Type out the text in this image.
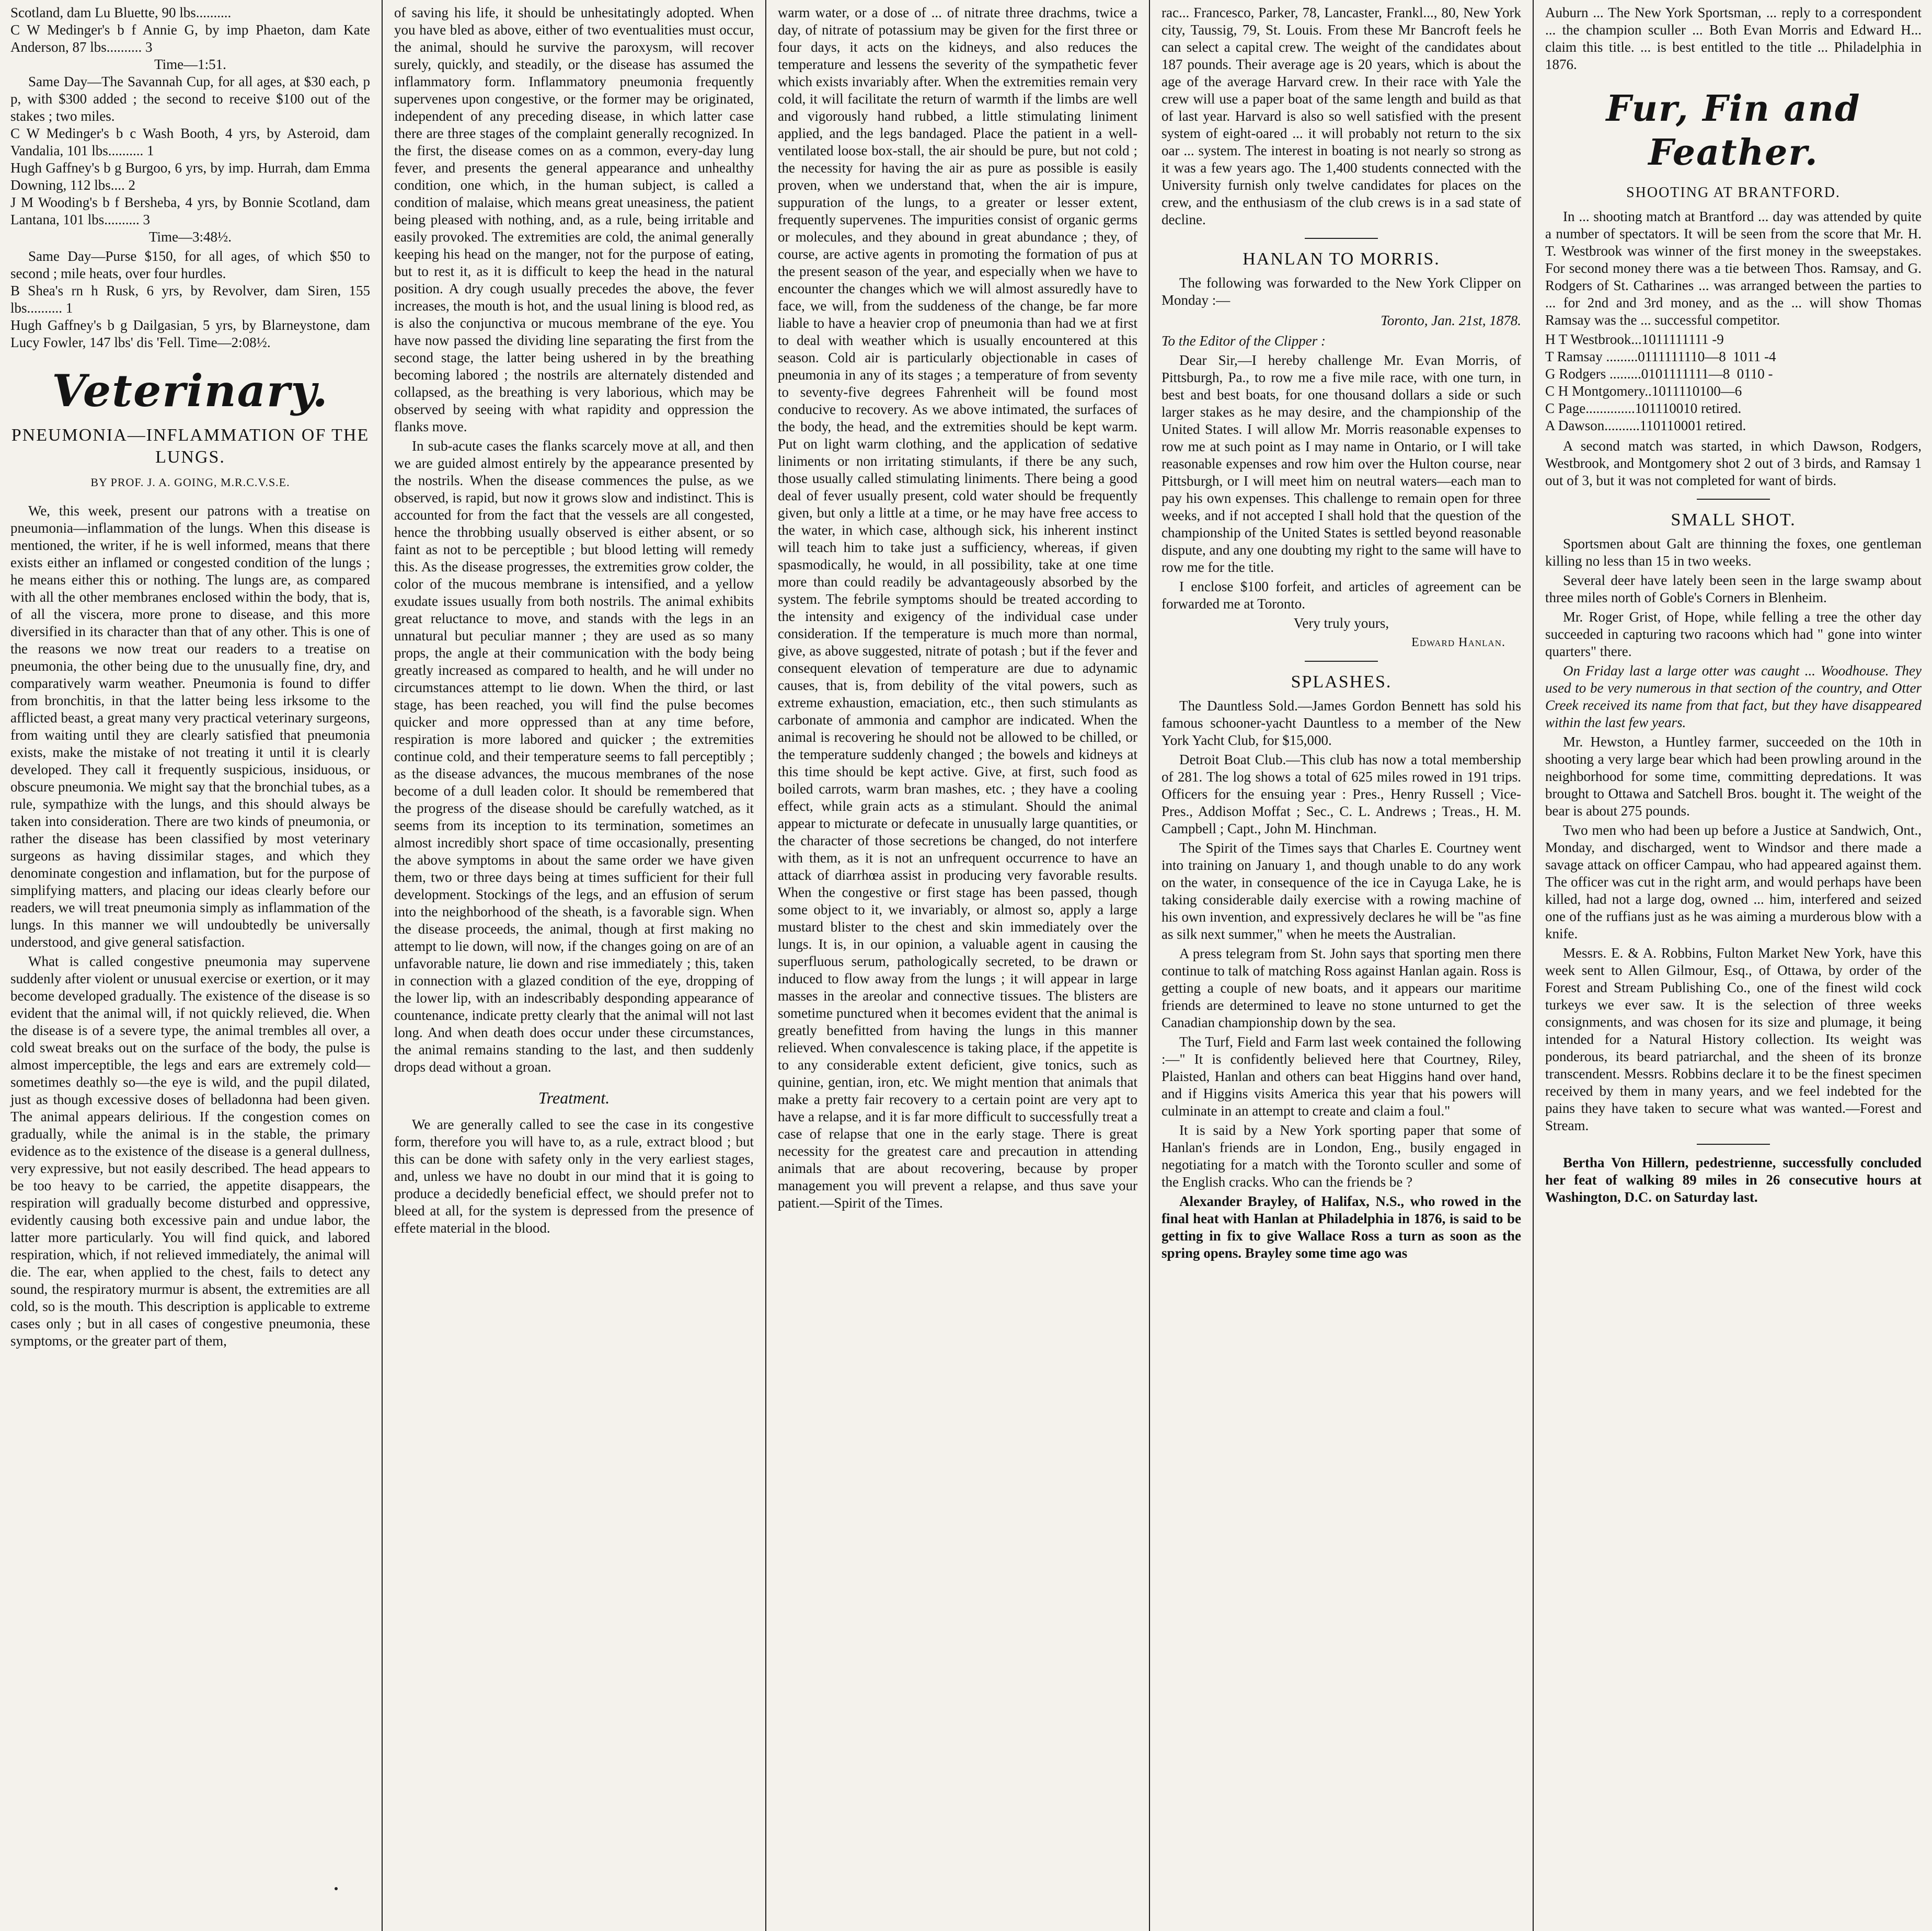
Scotland, dam Lu Bluette, 90 lbs..........

C W Medinger's b f Annie G, by imp Phaeton, dam Kate Anderson, 87 lbs.......... 3

Time—1:51.

Same Day—The Savannah Cup, for all ages, at $30 each, p p, with $300 added ; the second to receive $100 out of the stakes ; two miles.

C W Medinger's b c Wash Booth, 4 yrs, by Asteroid, dam Vandalia, 101 lbs.......... 1

Hugh Gaffney's b g Burgoo, 6 yrs, by imp. Hurrah, dam Emma Downing, 112 lbs.... 2

J M Wooding's b f Bersheba, 4 yrs, by Bonnie Scotland, dam Lantana, 101 lbs.......... 3

Time—3:48½.

Same Day—Purse $150, for all ages, of which $50 to second ; mile heats, over four hurdles.

B Shea's rn h Rusk, 6 yrs, by Revolver, dam Siren, 155 lbs.......... 1

Hugh Gaffney's b g Dailgasian, 5 yrs, by Blarneystone, dam Lucy Fowler, 147 lbs' dis 'Fell. Time—2:08½.

Veterinary.
PNEUMONIA—INFLAMMATION OF THE LUNGS.
BY PROF. J. A. GOING, M.R.C.V.S.E.

We, this week, present our patrons with a treatise on pneumonia—inflammation of the lungs. When this disease is mentioned, the writer, if he is well informed, means that there exists either an inflamed or congested condition of the lungs ; he means either this or nothing. The lungs are, as compared with all the other membranes enclosed within the body, that is, of all the viscera, more prone to disease, and this more diversified in its character than that of any other. This is one of the reasons we now treat our readers to a treatise on pneumonia, the other being due to the unusually fine, dry, and comparatively warm weather. Pneumonia is found to differ from bronchitis, in that the latter being less irksome to the afflicted beast, a great many very practical veterinary surgeons, from waiting until they are clearly satisfied that pneumonia exists, make the mistake of not treating it until it is clearly developed. They call it frequently suspicious, insiduous, or obscure pneumonia. We might say that the bronchial tubes, as a rule, sympathize with the lungs, and this should always be taken into consideration. There are two kinds of pneumonia, or rather the disease has been classified by most veterinary surgeons as having dissimilar stages, and which they denominate congestion and inflamation, but for the purpose of simplifying matters, and placing our ideas clearly before our readers, we will treat pneumonia simply as inflammation of the lungs. In this manner we will undoubtedly be universally understood, and give general satisfaction.

What is called congestive pneumonia may supervene suddenly after violent or unusual exercise or exertion, or it may become developed gradually. The existence of the disease is so evident that the animal will, if not quickly relieved, die. When the disease is of a severe type, the animal trembles all over, a cold sweat breaks out on the surface of the body, the pulse is almost imperceptible, the legs and ears are extremely cold—sometimes deathly so—the eye is wild, and the pupil dilated, just as though excessive doses of belladonna had been given. The animal appears delirious. If the congestion comes on gradually, while the animal is in the stable, the primary evidence as to the existence of the disease is a general dullness, very expressive, but not easily described. The head appears to be too heavy to be carried, the appetite disappears, the respiration will gradually become disturbed and oppressive, evidently causing both excessive pain and undue labor, the latter more particularly. You will find quick, and labored respiration, which, if not relieved immediately, the animal will die. The ear, when applied to the chest, fails to detect any sound, the respiratory murmur is absent, the extremities are all cold, so is the mouth. This description is applicable to extreme cases only ; but in all cases of congestive pneumonia, these symptoms, or the greater part of them,

of saving his life, it should be unhesitatingly adopted. When you have bled as above, either of two eventualities must occur, the animal, should he survive the paroxysm, will recover surely, quickly, and steadily, or the disease has assumed the inflammatory form. Inflammatory pneumonia frequently supervenes upon congestive, or the former may be originated, independent of any preceding disease, in which latter case there are three stages of the complaint generally recognized. In the first, the disease comes on as a common, every-day lung fever, and presents the general appearance and unhealthy condition, one which, in the human subject, is called a condition of malaise, which means great uneasiness, the patient being pleased with nothing, and, as a rule, being irritable and easily provoked. The extremities are cold, the animal generally keeping his head on the manger, not for the purpose of eating, but to rest it, as it is difficult to keep the head in the natural position. A dry cough usually precedes the above, the fever increases, the mouth is hot, and the usual lining is blood red, as is also the conjunctiva or mucous membrane of the eye. You have now passed the dividing line separating the first from the second stage, the latter being ushered in by the breathing becoming labored ; the nostrils are alternately distended and collapsed, as the breathing is very laborious, which may be observed by seeing with what rapidity and oppression the flanks move.

In sub-acute cases the flanks scarcely move at all, and then we are guided almost entirely by the appearance presented by the nostrils. When the disease commences the pulse, as we observed, is rapid, but now it grows slow and indistinct. This is accounted for from the fact that the vessels are all congested, hence the throbbing usually observed is either absent, or so faint as not to be perceptible ; but blood letting will remedy this. As the disease progresses, the extremities grow colder, the color of the mucous membrane is intensified, and a yellow exudate issues usually from both nostrils. The animal exhibits great reluctance to move, and stands with the legs in an unnatural but peculiar manner ; they are used as so many props, the angle at their communication with the body being greatly increased as compared to health, and he will under no circumstances attempt to lie down. When the third, or last stage, has been reached, you will find the pulse becomes quicker and more oppressed than at any time before, respiration is more labored and quicker ; the extremities continue cold, and their temperature seems to fall perceptibly ; as the disease advances, the mucous membranes of the nose become of a dull leaden color. It should be remembered that the progress of the disease should be carefully watched, as it seems from its inception to its termination, sometimes an almost incredibly short space of time occasionally, presenting the above symptoms in about the same order we have given them, two or three days being at times sufficient for their full development. Stockings of the legs, and an effusion of serum into the neighborhood of the sheath, is a favorable sign. When the disease proceeds, the animal, though at first making no attempt to lie down, will now, if the changes going on are of an unfavorable nature, lie down and rise immediately ; this, taken in connection with a glazed condition of the eye, dropping of the lower lip, with an indescribably desponding appearance of countenance, indicate pretty clearly that the animal will not last long. And when death does occur under these circumstances, the animal remains standing to the last, and then suddenly drops dead without a groan.

Treatment.

We are generally called to see the case in its congestive form, therefore you will have to, as a rule, extract blood ; but this can be done with safety only in the very earliest stages, and, unless we have no doubt in our mind that it is going to produce a decidedly beneficial effect, we should prefer not to bleed at all, for the system is depressed from the presence of effete material in the blood.

warm water, or a dose of ... of nitrate three drachms, twice a day, of nitrate of potassium may be given for the first three or four days, it acts on the kidneys, and also reduces the temperature and lessens the severity of the sympathetic fever which exists invariably after. When the extremities remain very cold, it will facilitate the return of warmth if the limbs are well and vigorously hand rubbed, a little stimulating liniment applied, and the legs bandaged. Place the patient in a well-ventilated loose box-stall, the air should be pure, but not cold ; the necessity for having the air as pure as possible is easily proven, when we understand that, when the air is impure, suppuration of the lungs, to a greater or lesser extent, frequently supervenes. The impurities consist of organic germs or molecules, and they abound in great abundance ; they, of course, are active agents in promoting the formation of pus at the present season of the year, and especially when we have to encounter the changes which we will almost assuredly have to face, we will, from the suddeness of the change, be far more liable to have a heavier crop of pneumonia than had we at first to deal with weather which is usually encountered at this season. Cold air is particularly objectionable in cases of pneumonia in any of its stages ; a temperature of from seventy to seventy-five degrees Fahrenheit will be found most conducive to recovery. As we above intimated, the surfaces of the body, the head, and the extremities should be kept warm. Put on light warm clothing, and the application of sedative liniments or non irritating stimulants, if there be any such, those usually called stimulating liniments. There being a good deal of fever usually present, cold water should be frequently given, but only a little at a time, or he may have free access to the water, in which case, although sick, his inherent instinct will teach him to take just a sufficiency, whereas, if given spasmodically, he would, in all possibility, take at one time more than could readily be advantageously absorbed by the system. The febrile symptoms should be treated according to the intensity and exigency of the individual case under consideration. If the temperature is much more than normal, give, as above suggested, nitrate of potash ; but if the fever and consequent elevation of temperature are due to adynamic causes, that is, from debility of the vital powers, such as extreme exhaustion, emaciation, etc., then such stimulants as carbonate of ammonia and camphor are indicated. When the animal is recovering he should not be allowed to be chilled, or the temperature suddenly changed ; the bowels and kidneys at this time should be kept active. Give, at first, such food as boiled carrots, warm bran mashes, etc. ; they have a cooling effect, while grain acts as a stimulant. Should the animal appear to micturate or defecate in unusually large quantities, or the character of those secretions be changed, do not interfere with them, as it is not an unfrequent occurrence to have an attack of diarrhœa assist in producing very favorable results. When the congestive or first stage has been passed, though some object to it, we invariably, or almost so, apply a large mustard blister to the chest and skin immediately over the lungs. It is, in our opinion, a valuable agent in causing the superfluous serum, pathologically secreted, to be drawn or induced to flow away from the lungs ; it will appear in large masses in the areolar and connective tissues. The blisters are sometime punctured when it becomes evident that the animal is greatly benefitted from having the lungs in this manner relieved. When convalescence is taking place, if the appetite is to any considerable extent deficient, give tonics, such as quinine, gentian, iron, etc. We might mention that animals that make a pretty fair recovery to a certain point are very apt to have a relapse, and it is far more difficult to successfully treat a case of relapse that one in the early stage. There is great necessity for the greatest care and precaution in attending animals that are about recovering, because by proper management you will prevent a relapse, and thus save your patient.—Spirit of the Times.

rac... Francesco, Parker, 78, Lancaster, Frankl..., 80, New York city, Taussig, 79, St. Louis. From these Mr Bancroft feels he can select a capital crew. The weight of the candidates about 187 pounds. Their average age is 20 years, which is about the age of the average Harvard crew. In their race with Yale the crew will use a paper boat of the same length and build as that of last year. Harvard is also so well satisfied with the present system of eight-oared ... it will probably not return to the six oar ... system. The interest in boating is not nearly so strong as it was a few years ago. The 1,400 students connected with the University furnish only twelve candidates for places on the crew, and the enthusiasm of the club crews is in a sad state of decline.

HANLAN TO MORRIS.

The following was forwarded to the New York Clipper on Monday :—

Toronto, Jan. 21st, 1878.

To the Editor of the Clipper :

Dear Sir,—I hereby challenge Mr. Evan Morris, of Pittsburgh, Pa., to row me a five mile race, with one turn, in best and best boats, for one thousand dollars a side or such larger stakes as he may desire, and the championship of the United States. I will allow Mr. Morris reasonable expenses to row me at such point as I may name in Ontario, or I will take reasonable expenses and row him over the Hulton course, near Pittsburgh, or I will meet him on neutral waters—each man to pay his own expenses. This challenge to remain open for three weeks, and if not accepted I shall hold that the question of the championship of the United States is settled beyond reasonable dispute, and any one doubting my right to the same will have to row me for the title.

I enclose $100 forfeit, and articles of agreement can be forwarded me at Toronto.

Very truly yours,

Edward Hanlan.
SPLASHES.

The Dauntless Sold.—James Gordon Bennett has sold his famous schooner-yacht Dauntless to a member of the New York Yacht Club, for $15,000.

Detroit Boat Club.—This club has now a total membership of 281. The log shows a total of 625 miles rowed in 191 trips. Officers for the ensuing year : Pres., Henry Russell ; Vice-Pres., Addison Moffat ; Sec., C. L. Andrews ; Treas., H. M. Campbell ; Capt., John M. Hinchman.

The Spirit of the Times says that Charles E. Courtney went into training on January 1, and though unable to do any work on the water, in consequence of the ice in Cayuga Lake, he is taking considerable daily exercise with a rowing machine of his own invention, and expressively declares he will be "as fine as silk next summer," when he meets the Australian.

A press telegram from St. John says that sporting men there continue to talk of matching Ross against Hanlan again. Ross is getting a couple of new boats, and it appears our maritime friends are determined to leave no stone unturned to get the Canadian championship down by the sea.

The Turf, Field and Farm last week contained the following :—" It is confidently believed here that Courtney, Riley, Plaisted, Hanlan and others can beat Higgins hand over hand, and if Higgins visits America this year that his powers will culminate in an attempt to create and claim a foul."

It is said by a New York sporting paper that some of Hanlan's friends are in London, Eng., busily engaged in negotiating for a match with the Toronto sculler and some of the English cracks. Who can the friends be ?

Alexander Brayley, of Halifax, N.S., who rowed in the final heat with Hanlan at Philadelphia in 1876, is said to be getting in fix to give Wallace Ross a turn as soon as the spring opens. Brayley some time ago was

Auburn ... The New York Sportsman, ... reply to a correspondent ... the champion sculler ... Both Evan Morris and Edward H... claim this title. ... is best entitled to the title ... Philadelphia in 1876.

Fur, Fin and Feather.
SHOOTING AT BRANTFORD.

In ... shooting match at Brantford ... day was attended by quite a number of spectators. It will be seen from the score that Mr. H. T. Westbrook was winner of the first money in the sweepstakes. For second money there was a tie between Thos. Ramsay, and G. Rodgers of St. Catharines ... was arranged between the parties to ... for 2nd and 3rd money, and as the ... will show Thomas Ramsay was the ... successful competitor.

H T Westbrook...1011111111 -9

T Ramsay .........0111111110—8  1011 -4

G Rodgers .........0101111111—8  0110 -

C H Montgomery..1011110100—6

C Page..............101110010 retired.

A Dawson..........110110001 retired.

A second match was started, in which Dawson, Rodgers, Westbrook, and Montgomery shot 2 out of 3 birds, and Ramsay 1 out of 3, but it was not completed for want of birds.

SMALL SHOT.

Sportsmen about Galt are thinning the foxes, one gentleman killing no less than 15 in two weeks.

Several deer have lately been seen in the large swamp about three miles north of Goble's Corners in Blenheim.

Mr. Roger Grist, of Hope, while felling a tree the other day succeeded in capturing two racoons which had " gone into winter quarters" there.

On Friday last a large otter was caught ... Woodhouse. They used to be very numerous in that section of the country, and Otter Creek received its name from that fact, but they have disappeared within the last few years.

Mr. Hewston, a Huntley farmer, succeeded on the 10th in shooting a very large bear which had been prowling around in the neighborhood for some time, committing depredations. It was brought to Ottawa and Satchell Bros. bought it. The weight of the bear is about 275 pounds.

Two men who had been up before a Justice at Sandwich, Ont., Monday, and discharged, went to Windsor and there made a savage attack on officer Campau, who had appeared against them. The officer was cut in the right arm, and would perhaps have been killed, had not a large dog, owned ... him, interfered and seized one of the ruffians just as he was aiming a murderous blow with a knife.

Messrs. E. & A. Robbins, Fulton Market New York, have this week sent to Allen Gilmour, Esq., of Ottawa, by order of the Forest and Stream Publishing Co., one of the finest wild cock turkeys we ever saw. It is the selection of three weeks consignments, and was chosen for its size and plumage, it being intended for a Natural History collection. Its weight was ponderous, its beard patriarchal, and the sheen of its bronze transcendent. Messrs. Robbins declare it to be the finest specimen received by them in many years, and we feel indebted for the pains they have taken to secure what was wanted.—Forest and Stream.

Bertha Von Hillern, pedestrienne, successfully concluded her feat of walking 89 miles in 26 consecutive hours at Washington, D.C. on Saturday last.
